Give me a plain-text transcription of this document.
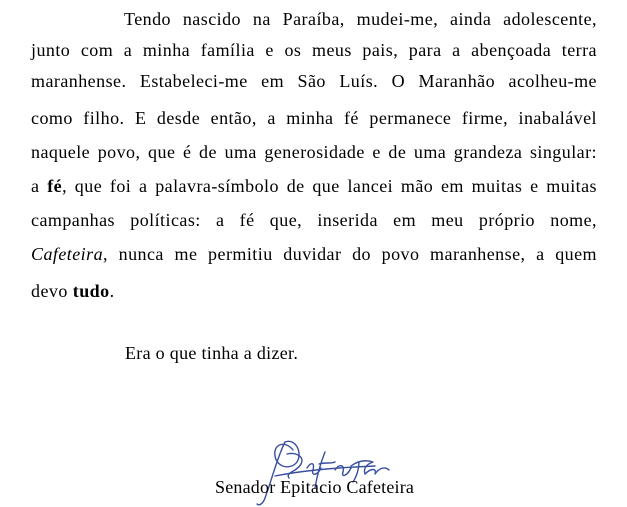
Tendo nascido na Paraíba, mudei-me, ainda adolescente,
junto com a minha família e os meus pais, para a abençoada terra
maranhense. Estabeleci-me em São Luís. O Maranhão acolheu-me
como filho. E desde então, a minha fé permanece firme, inabalável
naquele povo, que é de uma generosidade e de uma grandeza singular:
a fé, que foi a palavra-símbolo de que lancei mão em muitas e muitas
campanhas políticas: a fé que, inserida em meu próprio nome,
Cafeteira, nunca me permitiu duvidar do povo maranhense, a quem
devo tudo.
Era o que tinha a dizer.
Senador Epitacio Cafeteira
